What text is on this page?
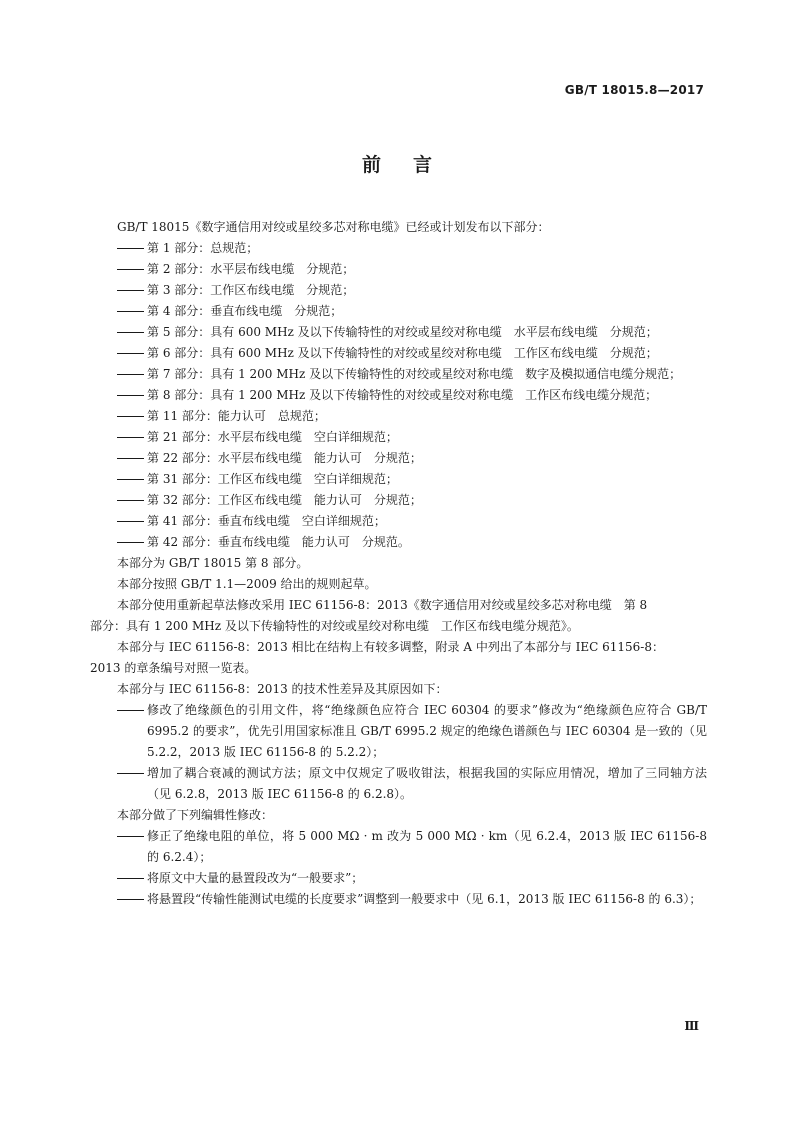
GB/T 18015.8—2017
前言
GB/T 18015《数字通信用对绞或星绞多芯对称电缆》已经或计划发布以下部分：
第 1 部分：总规范；
第 2 部分：水平层布线电缆　分规范；
第 3 部分：工作区布线电缆　分规范；
第 4 部分：垂直布线电缆　分规范；
第 5 部分：具有 600 MHz 及以下传输特性的对绞或星绞对称电缆　水平层布线电缆　分规范；
第 6 部分：具有 600 MHz 及以下传输特性的对绞或星绞对称电缆　工作区布线电缆　分规范；
第 7 部分：具有 1 200 MHz 及以下传输特性的对绞或星绞对称电缆　数字及模拟通信电缆分规范；
第 8 部分：具有 1 200 MHz 及以下传输特性的对绞或星绞对称电缆　工作区布线电缆分规范；
第 11 部分：能力认可　总规范；
第 21 部分：水平层布线电缆　空白详细规范；
第 22 部分：水平层布线电缆　能力认可　分规范；
第 31 部分：工作区布线电缆　空白详细规范；
第 32 部分：工作区布线电缆　能力认可　分规范；
第 41 部分：垂直布线电缆　空白详细规范；
第 42 部分：垂直布线电缆　能力认可　分规范。
本部分为 GB/T 18015 第 8 部分。
本部分按照 GB/T 1.1—2009 给出的规则起草。
本部分使用重新起草法修改采用 IEC 61156-8：2013《数字通信用对绞或星绞多芯对称电缆　第 8
部分：具有 1 200 MHz 及以下传输特性的对绞或星绞对称电缆　工作区布线电缆分规范》。
本部分与 IEC 61156-8：2013 相比在结构上有较多调整，附录 A 中列出了本部分与 IEC 61156-8：
2013 的章条编号对照一览表。
本部分与 IEC 61156-8：2013 的技术性差异及其原因如下：
修改了绝缘颜色的引用文件，将“绝缘颜色应符合 IEC 60304 的要求”修改为“绝缘颜色应符合 GB/T 6995.2 的要求”，优先引用国家标准且 GB/T 6995.2 规定的绝缘色谱颜色与 IEC 60304 是一致的（见 5.2.2，2013 版 IEC 61156-8 的 5.2.2）；
增加了耦合衰减的测试方法；原文中仅规定了吸收钳法，根据我国的实际应用情况，增加了三同轴方法（见 6.2.8，2013 版 IEC 61156-8 的 6.2.8）。
本部分做了下列编辑性修改：
修正了绝缘电阻的单位，将 5 000 MΩ · m 改为 5 000 MΩ · km（见 6.2.4，2013 版 IEC 61156-8 的 6.2.4）；
将原文中大量的悬置段改为“一般要求”；
将悬置段“传输性能测试电缆的长度要求”调整到一般要求中（见 6.1，2013 版 IEC 61156-8 的 6.3）；
Ⅲ
